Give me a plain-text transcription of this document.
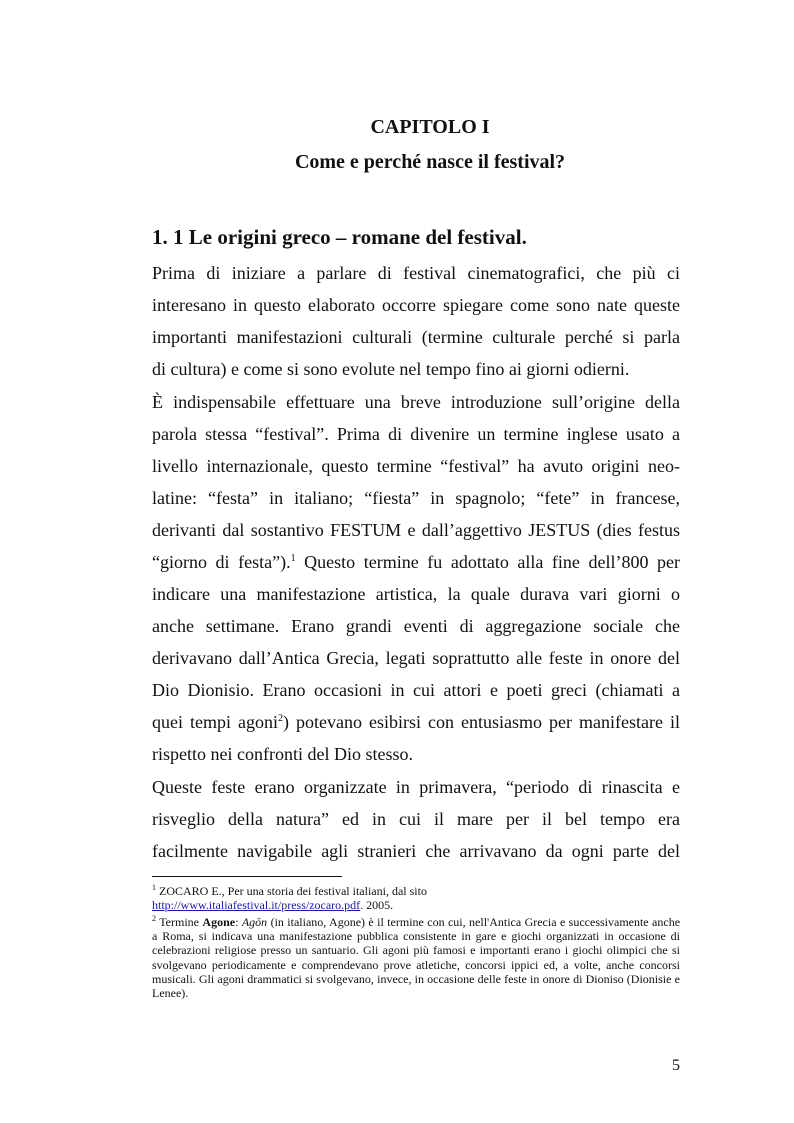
CAPITOLO I
Come e perché nasce il festival?
1. 1 Le origini greco – romane del festival.
Prima di iniziare a parlare di festival cinematografici, che più ci
interesano in questo elaborato occorre spiegare come sono nate queste
importanti manifestazioni culturali (termine culturale perché si parla
di cultura) e come si sono evolute nel tempo fino ai giorni odierni.
È indispensabile effettuare una breve introduzione sull’origine della
parola stessa “festival”. Prima di divenire un termine inglese usato a
livello internazionale, questo termine “festival” ha avuto origini neo-
latine: “festa” in italiano; “fiesta” in spagnolo; “fete” in francese,
derivanti dal sostantivo FESTUM e dall’aggettivo JESTUS (dies festus
“giorno di festa”).$^1$ Questo termine fu adottato alla fine dell’800 per
indicare una manifestazione artistica, la quale durava vari giorni o
anche settimane. Erano grandi eventi di aggregazione sociale che
derivavano dall’Antica Grecia, legati soprattutto alle feste in onore del
Dio Dionisio. Erano occasioni in cui attori e poeti greci (chiamati a
quei tempi agoni$^2$) potevano esibirsi con entusiasmo per manifestare il
rispetto nei confronti del Dio stesso.
Queste feste erano organizzate in primavera, “periodo di rinascita e
risveglio della natura” ed in cui il mare per il bel tempo era
facilmente navigabile agli stranieri che arrivavano da ogni parte del
$^1$ ZOCARO E., Per una storia dei festival italiani, dal sito
http://www.italiafestival.it/press/zocaro.pdf. 2005.
$^2$ Termine Agone: Agōn (in italiano, Agone) è il termine con cui, nell'Antica Grecia e successivamente anche a Roma, si indicava una manifestazione pubblica consistente in gare e giochi organizzati in occasione di celebrazioni religiose presso un santuario. Gli agoni più famosi e importanti erano i giochi olimpici che si svolgevano periodicamente e comprendevano prove atletiche, concorsi ippici ed, a volte, anche concorsi musicali. Gli agoni drammatici si svolgevano, invece, in occasione delle feste in onore di Dioniso (Dionisie e Lenee).
5
